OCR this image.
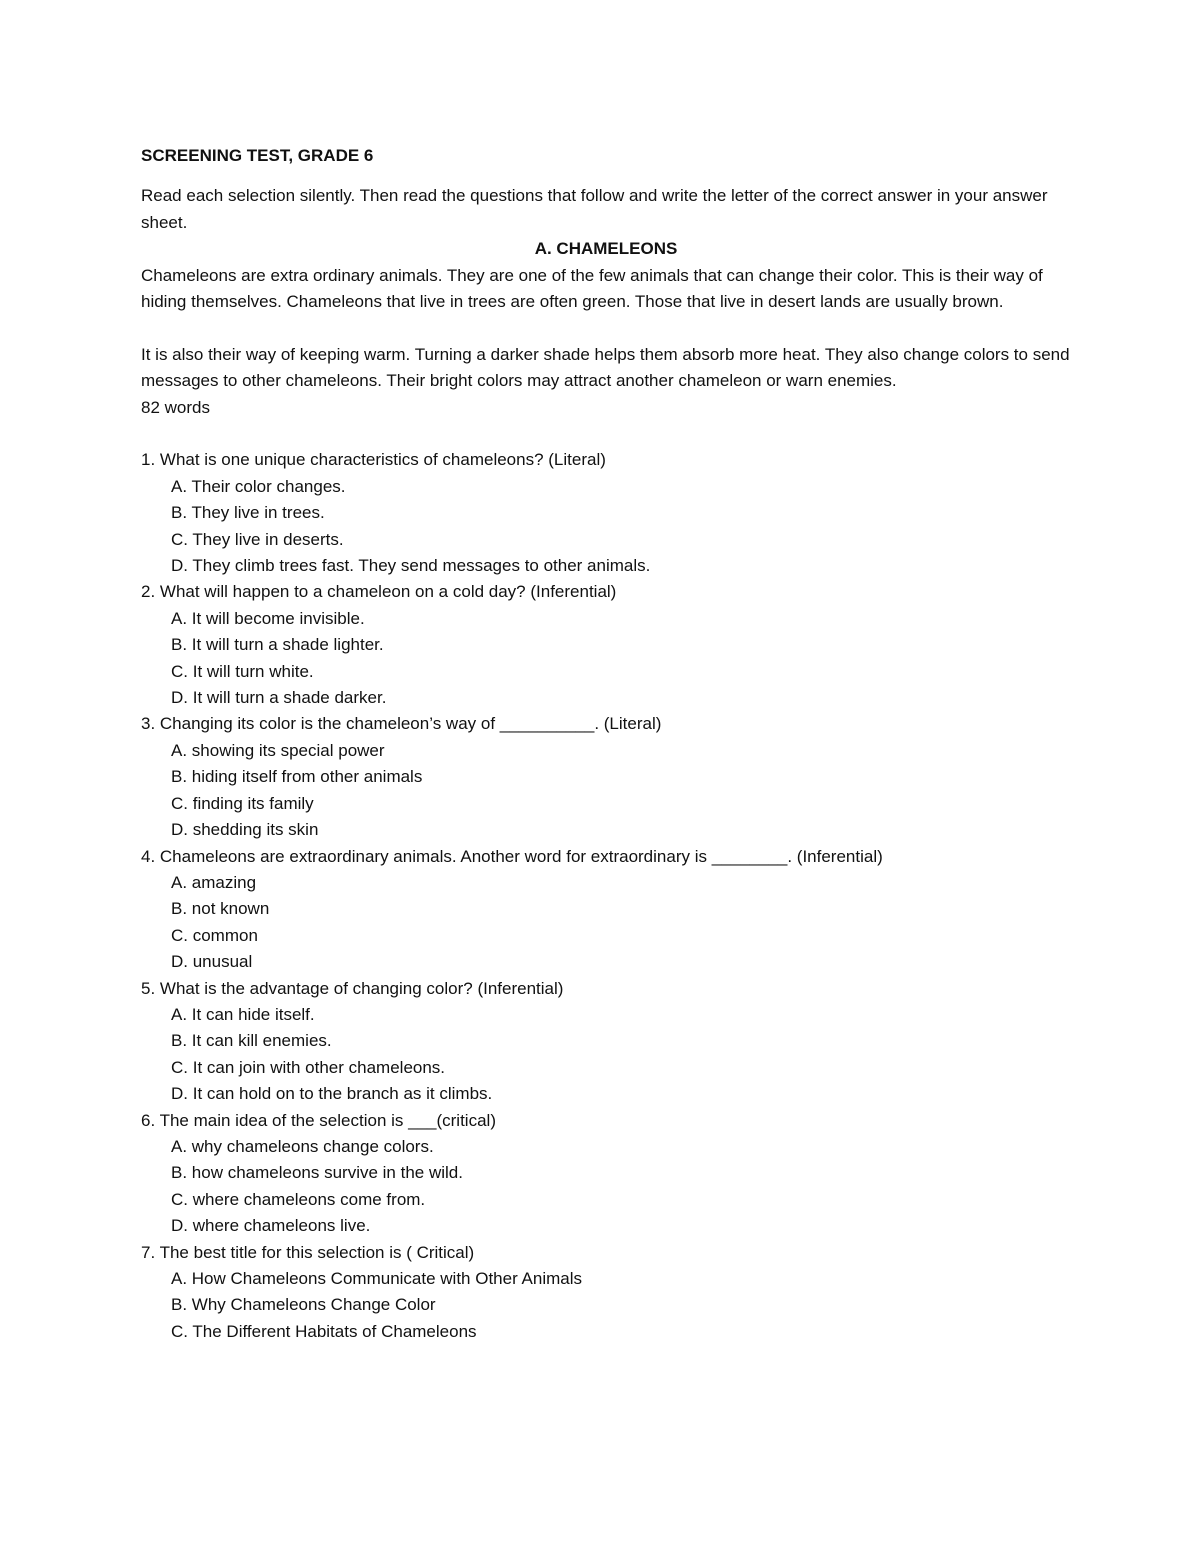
SCREENING TEST, GRADE 6

Read each selection silently. Then read the questions that follow and write the letter of the correct answer in your answer sheet.

A. CHAMELEONS

Chameleons are extra ordinary animals. They are one of the few animals that can change their color. This is their way of hiding themselves. Chameleons that live in trees are often green. Those that live in desert lands are usually brown.

It is also their way of keeping warm. Turning a darker shade helps them absorb more heat. They also change colors to send messages to other chameleons. Their bright colors may attract another chameleon or warn enemies.

82 words

1. What is one unique characteristics of chameleons? (Literal)

A. Their color changes.
B. They live in trees.
C. They live in deserts.
D. They climb trees fast. They send messages to other animals.

2. What will happen to a chameleon on a cold day? (Inferential)

A. It will become invisible.
B. It will turn a shade lighter.
C. It will turn white.
D. It will turn a shade darker.

3. Changing its color is the chameleon’s way of __________. (Literal)

A. showing its special power
B. hiding itself from other animals
C. finding its family
D. shedding its skin

4. Chameleons are extraordinary animals. Another word for extraordinary is ________. (Inferential)

A. amazing
B. not known
C. common
D. unusual

5. What is the advantage of changing color? (Inferential)

A. It can hide itself.
B. It can kill enemies.
C. It can join with other chameleons.
D. It can hold on to the branch as it climbs.

6. The main idea of the selection is ___(critical)

A. why chameleons change colors.
B. how chameleons survive in the wild.
C. where chameleons come from.
D. where chameleons live.

7. The best title for this selection is ( Critical)

A. How Chameleons Communicate with Other Animals
B. Why Chameleons Change Color
C. The Different Habitats of Chameleons
